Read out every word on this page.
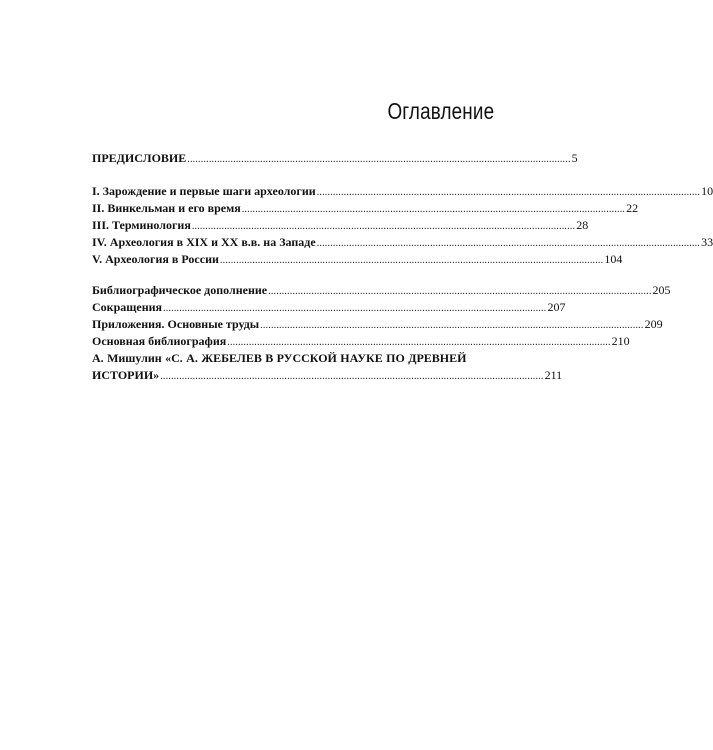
Оглавление
ПРЕДИСЛОВИЕ .............................................................................................................................................. 5
I. Зарождение и первые шаги археологии .............................................................................................................................................. 10
II. Винкельман и его время .............................................................................................................................................. 22
III. Терминология .............................................................................................................................................. 28
IV. Археология в XIX и XX в.в. на Западе .............................................................................................................................................. 33
V. Археология в России .............................................................................................................................................. 104
Библиографическое дополнение .............................................................................................................................................. 205
Сокращения .............................................................................................................................................. 207
Приложения. Основные труды .............................................................................................................................................. 209
Основная библиография .............................................................................................................................................. 210
А. Мишулин «С. А. ЖЕБЕЛЕВ В РУССКОЙ НАУКЕ ПО ДРЕВНЕЙ
ИСТОРИИ» .............................................................................................................................................. 211
